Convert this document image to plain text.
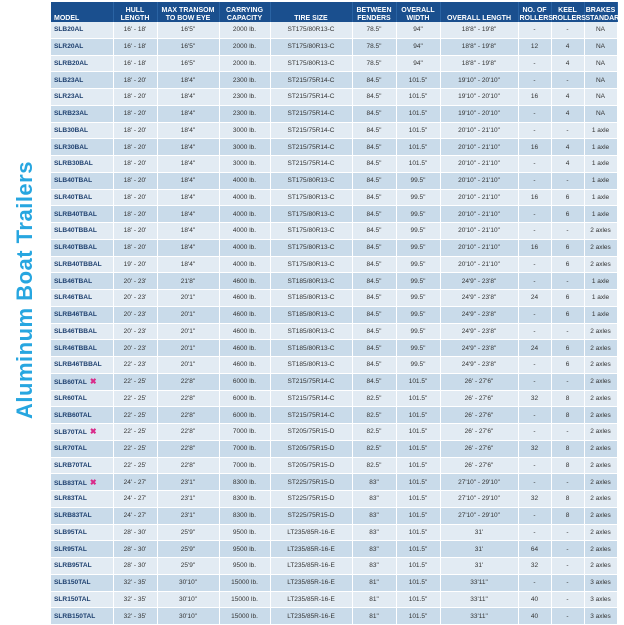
Aluminum Boat Trailers
MODEL	HULL LENGTH	MAX TRANSOM TO BOW EYE	CARRYING CAPACITY	TIRE SIZE	BETWEEN FENDERS	OVERALL WIDTH	OVERALL LENGTH	NO. OF ROLLERS	KEEL ROLLERS	BRAKES STANDARD
SLB20AL	16' - 18'	16'5"	2000 lb.	ST175/80R13-C	78.5"	94"	18'8" - 19'8"	-	-	NA
SLR20AL	16' - 18'	16'5"	2000 lb.	ST175/80R13-C	78.5"	94"	18'8" - 19'8"	12	4	NA
SLRB20AL	16' - 18'	16'5"	2000 lb.	ST175/80R13-C	78.5"	94"	18'8" - 19'8"	-	4	NA
SLB23AL	18' - 20'	18'4"	2300 lb.	ST215/75R14-C	84.5"	101.5"	19'10" - 20'10"	-	-	NA
SLR23AL	18' - 20'	18'4"	2300 lb.	ST215/75R14-C	84.5"	101.5"	19'10" - 20'10"	16	4	NA
SLRB23AL	18' - 20'	18'4"	2300 lb.	ST215/75R14-C	84.5"	101.5"	19'10" - 20'10"	-	4	NA
SLB30BAL	18' - 20'	18'4"	3000 lb.	ST215/75R14-C	84.5"	101.5"	20'10" - 21'10"	-	-	1 axle
SLR30BAL	18' - 20'	18'4"	3000 lb.	ST215/75R14-C	84.5"	101.5"	20'10" - 21'10"	16	4	1 axle
SLRB30BAL	18' - 20'	18'4"	3000 lb.	ST215/75R14-C	84.5"	101.5"	20'10" - 21'10"	-	4	1 axle
SLB40TBAL	18' - 20'	18'4"	4000 lb.	ST175/80R13-C	84.5"	99.5"	20'10" - 21'10"	-	-	1 axle
SLR40TBAL	18' - 20'	18'4"	4000 lb.	ST175/80R13-C	84.5"	99.5"	20'10" - 21'10"	16	6	1 axle
SLRB40TBAL	18' - 20'	18'4"	4000 lb.	ST175/80R13-C	84.5"	99.5"	20'10" - 21'10"	-	6	1 axle
SLB40TBBAL	18' - 20'	18'4"	4000 lb.	ST175/80R13-C	84.5"	99.5"	20'10" - 21'10"	-	-	2 axles
SLR40TBBAL	18' - 20'	18'4"	4000 lb.	ST175/80R13-C	84.5"	99.5"	20'10" - 21'10"	16	6	2 axles
SLRB40TBBAL	19' - 20'	18'4"	4000 lb.	ST175/80R13-C	84.5"	99.5"	20'10" - 21'10"	-	6	2 axles
SLB46TBAL	20' - 23'	21'8"	4600 lb.	ST185/80R13-C	84.5"	99.5"	24'9" - 23'8"	-	-	1 axle
SLR46TBAL	20' - 23'	20'1"	4600 lb.	ST185/80R13-C	84.5"	99.5"	24'9" - 23'8"	24	6	1 axle
SLRB46TBAL	20' - 23'	20'1"	4600 lb.	ST185/80R13-C	84.5"	99.5"	24'9" - 23'8"	-	6	1 axle
SLB46TBBAL	20' - 23'	20'1"	4600 lb.	ST185/80R13-C	84.5"	99.5"	24'9" - 23'8"	-	-	2 axles
SLR46TBBAL	20' - 23'	20'1"	4600 lb.	ST185/80R13-C	84.5"	99.5"	24'9" - 23'8"	24	6	2 axles
SLRB46TBBAL	22' - 23'	20'1"	4600 lb.	ST185/80R13-C	84.5"	99.5"	24'9" - 23'8"	-	6	2 axles
SLB60TAL ✖	22' - 25'	22'8"	6000 lb.	ST215/75R14-C	84.5"	101.5"	26' - 27'6"	-	-	2 axles
SLR60TAL	22' - 25'	22'8"	6000 lb.	ST215/75R14-C	82.5"	101.5"	26' - 27'6"	32	8	2 axles
SLRB60TAL	22' - 25'	22'8"	6000 lb.	ST215/75R14-C	82.5"	101.5"	26' - 27'6"	-	8	2 axles
SLB70TAL ✖	22' - 25'	22'8"	7000 lb.	ST205/75R15-D	82.5"	101.5"	26' - 27'6"	-	-	2 axles
SLR70TAL	22' - 25'	22'8"	7000 lb.	ST205/75R15-D	82.5"	101.5"	26' - 27'6"	32	8	2 axles
SLRB70TAL	22' - 25'	22'8"	7000 lb.	ST205/75R15-D	82.5"	101.5"	26' - 27'6"	-	8	2 axles
SLB83TAL ✖	24' - 27'	23'1"	8300 lb.	ST225/75R15-D	83"	101.5"	27'10" - 29'10"	-	-	2 axles
SLR83TAL	24' - 27'	23'1"	8300 lb.	ST225/75R15-D	83"	101.5"	27'10" - 29'10"	32	8	2 axles
SLRB83TAL	24' - 27'	23'1"	8300 lb.	ST225/75R15-D	83"	101.5"	27'10" - 29'10"	-	8	2 axles
SLB95TAL	28' - 30'	25'9"	9500 lb.	LT235/85R-16-E	83"	101.5"	31'	-	-	2 axles
SLR95TAL	28' - 30'	25'9"	9500 lb.	LT235/85R-16-E	83"	101.5"	31'	64	-	2 axles
SLRB95TAL	28' - 30'	25'9"	9500 lb.	LT235/85R-16-E	83"	101.5"	31'	32	-	2 axles
SLB150TAL	32' - 35'	30'10"	15000 lb.	LT235/85R-16-E	81"	101.5"	33'11"	-	-	3 axles
SLR150TAL	32' - 35'	30'10"	15000 lb.	LT235/85R-16-E	81"	101.5"	33'11"	40	-	3 axles
SLRB150TAL	32' - 35'	30'10"	15000 lb.	LT235/85R-16-E	81"	101.5"	33'11"	40	-	3 axles
